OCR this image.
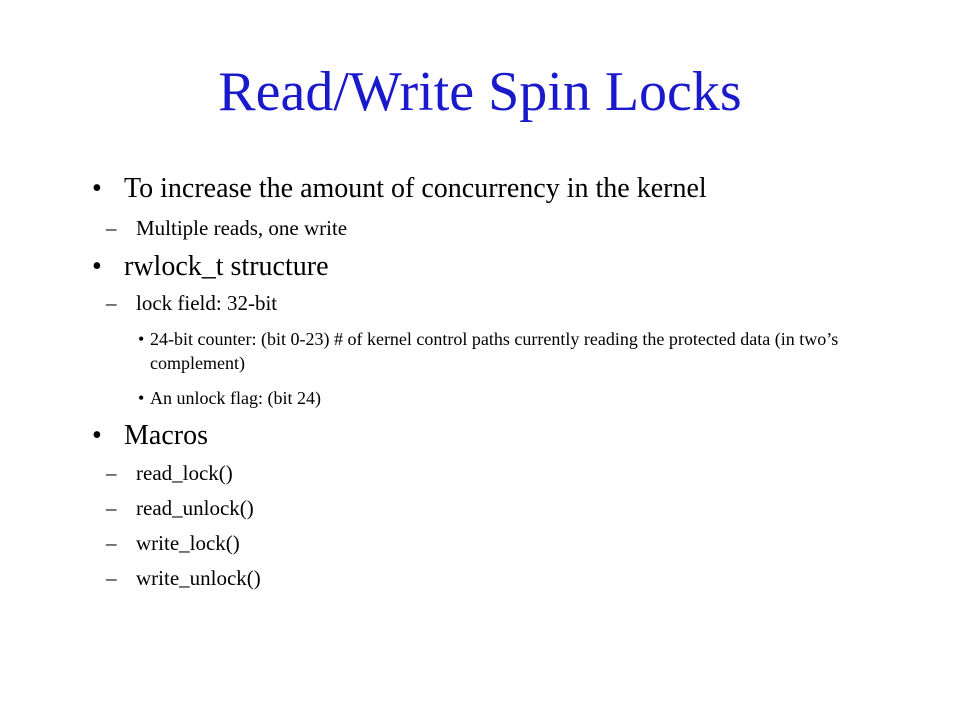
Read/Write Spin Locks
• To increase the amount of concurrency in the kernel
– Multiple reads, one write
• rwlock_t structure
– lock field: 32-bit
• 24-bit counter: (bit 0-23) # of kernel control paths currently reading the protected data (in two’s complement)
• An unlock flag: (bit 24)
• Macros
– read_lock()
– read_unlock()
– write_lock()
– write_unlock()
